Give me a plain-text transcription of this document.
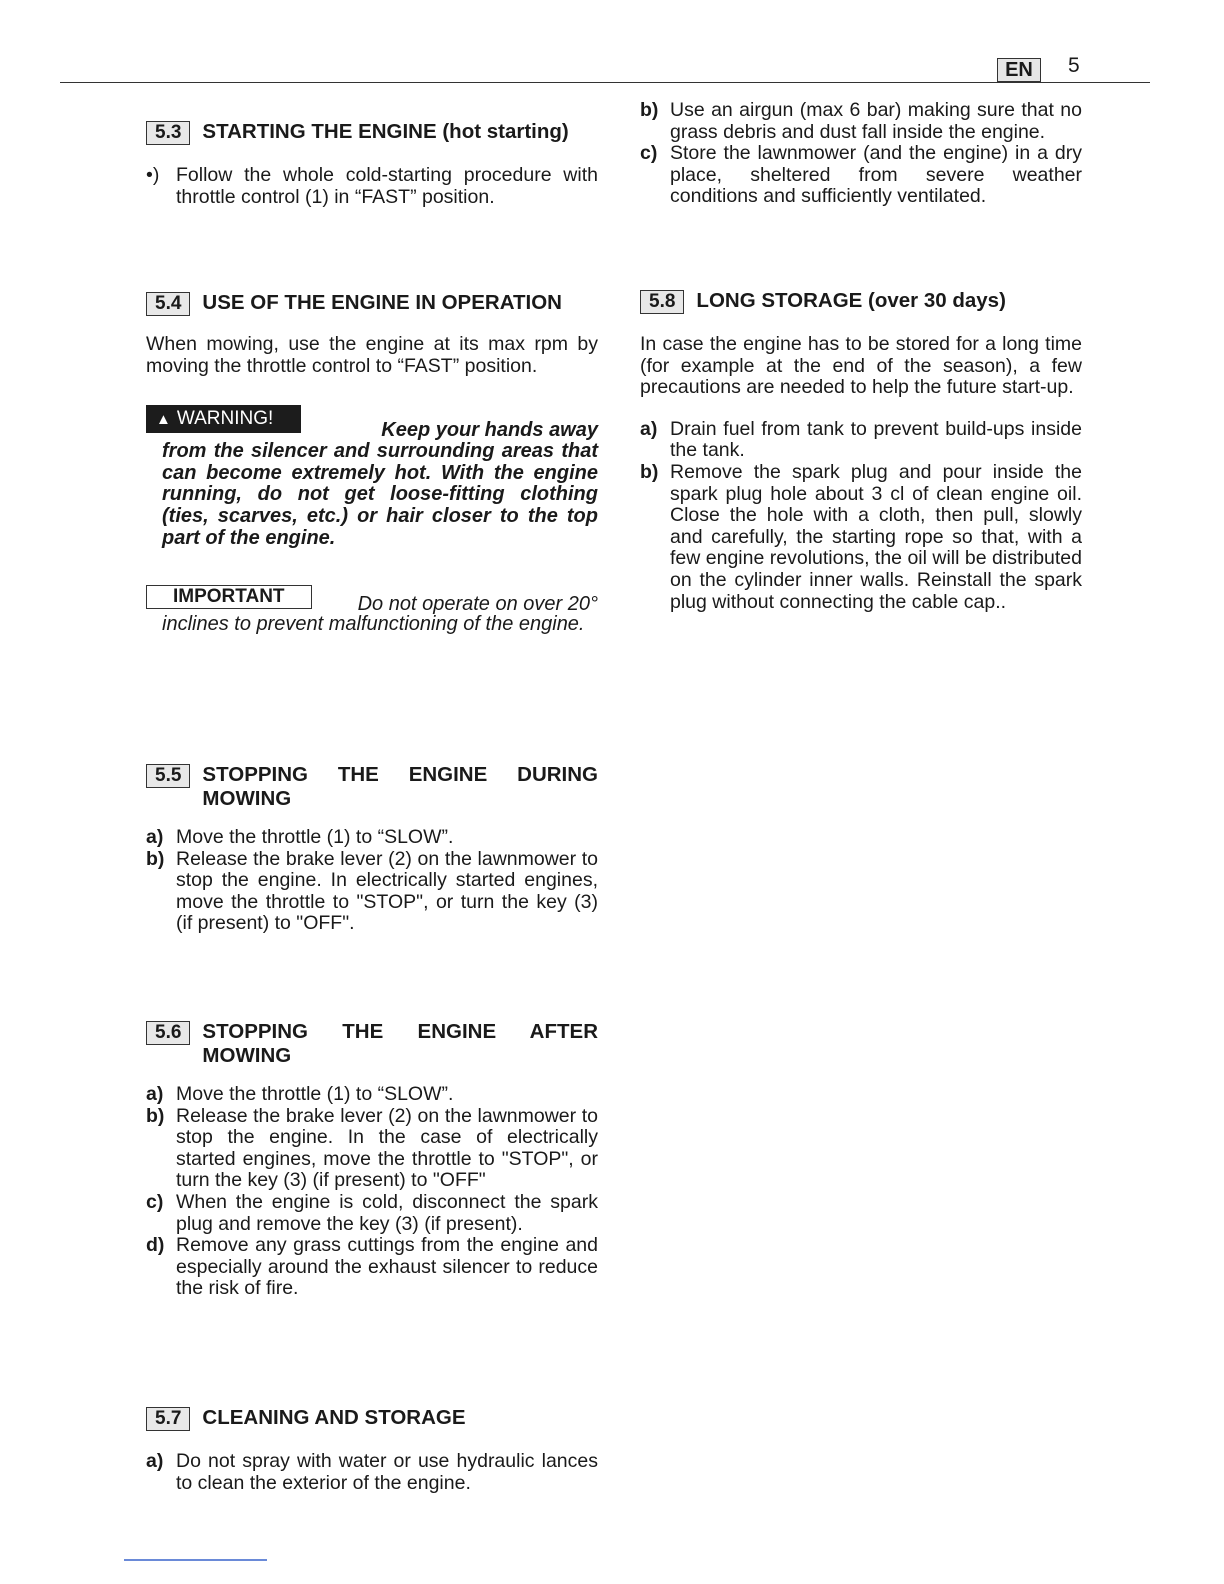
EN	5
5.3	STARTING THE ENGINE (hot starting)
•) Follow the whole cold-starting procedure with throttle control (1) in “FAST” position.
5.4	USE OF THE ENGINE IN OPERATION

When mowing, use the engine at its max rpm by moving the throttle control to “FAST” position.

▲ WARNING!	Keep your hands away
from the silencer and surrounding areas that can become extremely hot. With the engine running, do not get loose-fitting clothing (ties, scarves, etc.) or hair closer to the top part of the engine.
IMPORTANT	Do not operate on over 20°
inclines to prevent malfunctioning of the engine.
5.5	STOPPING THE ENGINE DURING MOWING
a) Move the throttle (1) to “SLOW”.
b) Release the brake lever (2) on the lawnmower to stop the engine. In electrically started engines, move the throttle to "STOP", or turn the key (3) (if present) to "OFF".
5.6	STOPPING THE ENGINE AFTER MOWING
a) Move the throttle (1) to “SLOW”.
b) Release the brake lever (2) on the lawnmower to stop the engine. In the case of electrically started engines, move the throttle to "STOP", or turn the key (3) (if present) to "OFF"
c) When the engine is cold, disconnect the spark plug and remove the key (3) (if present).
d) Remove any grass cuttings from the engine and especially around the exhaust silencer to reduce the risk of fire.
5.7	CLEANING AND STORAGE
a) Do not spray with water or use hydraulic lances to clean the exterior of the engine.
b) Use an airgun (max 6 bar) making sure that no grass debris and dust fall inside the engine.
c) Store the lawnmower (and the engine) in a dry place, sheltered from severe weather conditions and sufficiently ventilated.
5.8	LONG STORAGE (over 30 days)

In case the engine has to be stored for a long time (for example at the end of the season), a few precautions are needed to help the future start-up.

a) Drain fuel from tank to prevent build-ups inside the tank.
b) Remove the spark plug and pour inside the spark plug hole about 3 cl of clean engine oil. Close the hole with a cloth, then pull, slowly and carefully, the starting rope so that, with a few engine revolutions, the oil will be distributed on the cylinder inner walls. Reinstall the spark plug without connecting the cable cap..
